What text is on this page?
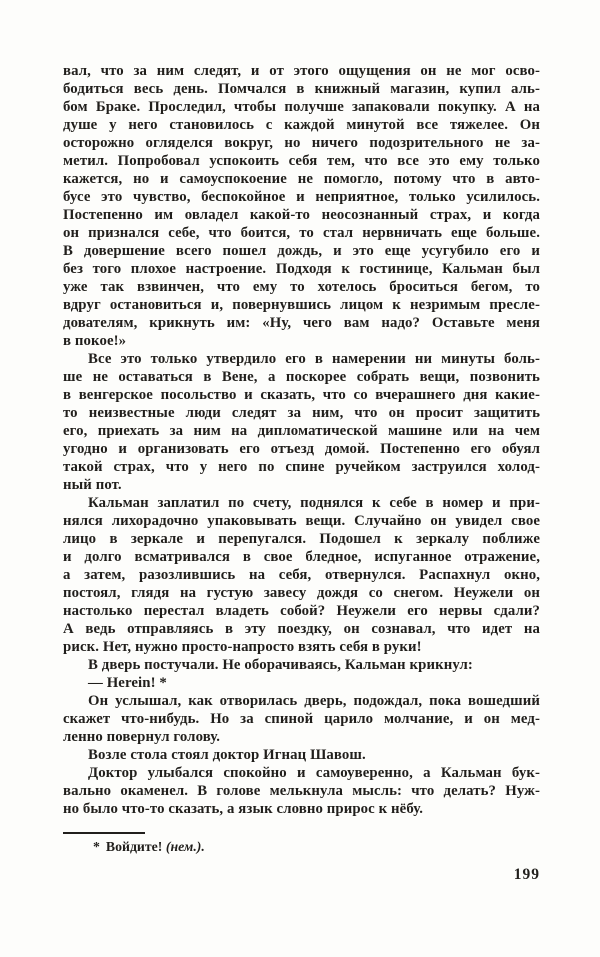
вал, что за ним следят, и от этого ощущения он не мог осво-
бодиться весь день. Помчался в книжный магазин, купил аль-
бом Браке. Проследил, чтобы получше запаковали покупку. А на
душе у него становилось с каждой минутой все тяжелее. Он
осторожно огляделся вокруг, но ничего подозрительного не за-
метил. Попробовал успокоить себя тем, что все это ему только
кажется, но и самоуспокоение не помогло, потому что в авто-
бусе это чувство, беспокойное и неприятное, только усилилось.
Постепенно им овладел какой-то неосознанный страх, и когда
он признался себе, что боится, то стал нервничать еще больше.
В довершение всего пошел дождь, и это еще усугубило его и
без того плохое настроение. Подходя к гостинице, Кальман был
уже так взвинчен, что ему то хотелось броситься бегом, то
вдруг остановиться и, повернувшись лицом к незримым пресле-
дователям, крикнуть им: «Ну, чего вам надо? Оставьте меня
в покое!»
Все это только утвердило его в намерении ни минуты боль-
ше не оставаться в Вене, а поскорее собрать вещи, позвонить
в венгерское посольство и сказать, что со вчерашнего дня какие-
то неизвестные люди следят за ним, что он просит защитить
его, приехать за ним на дипломатической машине или на чем
угодно и организовать его отъезд домой. Постепенно его обуял
такой страх, что у него по спине ручейком заструился холод-
ный пот.
Кальман заплатил по счету, поднялся к себе в номер и при-
нялся лихорадочно упаковывать вещи. Случайно он увидел свое
лицо в зеркале и перепугался. Подошел к зеркалу поближе
и долго всматривался в свое бледное, испуганное отражение,
а затем, разозлившись на себя, отвернулся. Распахнул окно,
постоял, глядя на густую завесу дождя со снегом. Неужели он
настолько перестал владеть собой? Неужели его нервы сдали?
А ведь отправляясь в эту поездку, он сознавал, что идет на
риск. Нет, нужно просто-напросто взять себя в руки!
В дверь постучали. Не оборачиваясь, Кальман крикнул:
— Herein! *
Он услышал, как отворилась дверь, подождал, пока вошедший
скажет что-нибудь. Но за спиной царило молчание, и он мед-
ленно повернул голову.
Возле стола стоял доктор Игнац Шавош.
Доктор улыбался спокойно и самоуверенно, а Кальман бук-
вально окаменел. В голове мелькнула мысль: что делать? Нуж-
но было что-то сказать, а язык словно прирос к нёбу.
* Войдите! (нем.).
199
